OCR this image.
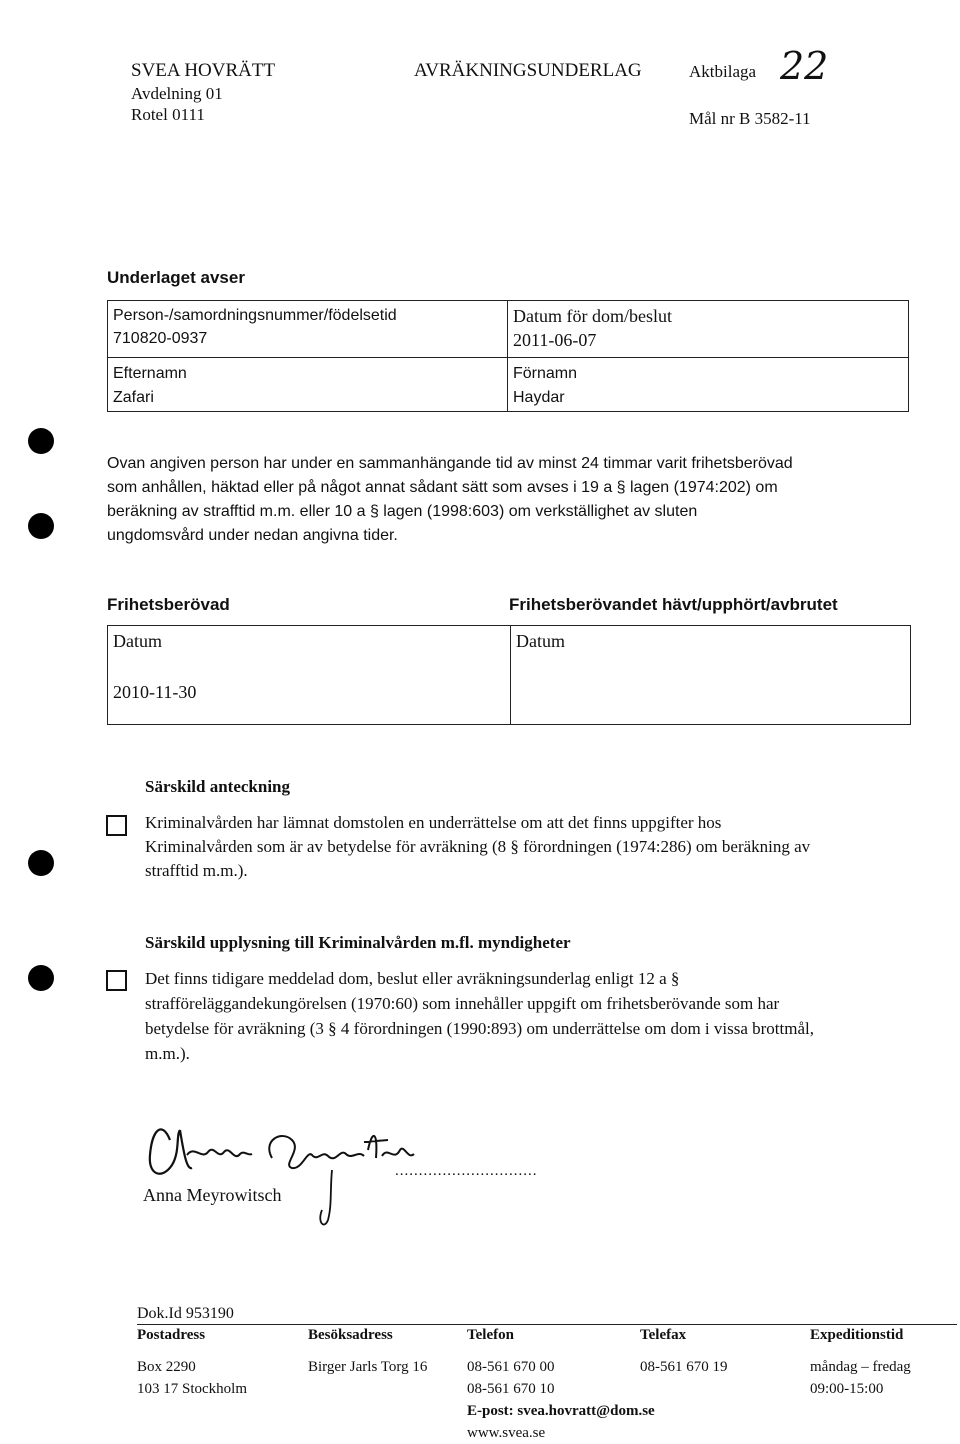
SVEA HOVRÄTT
Avdelning 01
Rotel 0111
AVRÄKNINGSUNDERLAG	Aktbilaga 22
Mål nr B 3582-11
Underlaget avser
Person-/samordningsnummer/födelsetid
710820-0937
Datum för dom/beslut
2011-06-07
Efternamn
Zafari
Förnamn
Haydar
Ovan angiven person har under en sammanhängande tid av minst 24 timmar varit frihetsberövad
som anhållen, häktad eller på något annat sådant sätt som avses i 19 a § lagen (1974:202) om
beräkning av strafftid m.m. eller 10 a § lagen (1998:603) om verkställighet av sluten
ungdomsvård under nedan angivna tider.
Frihetsberövad	Frihetsberövandet hävt/upphört/avbrutet
Datum
2010-11-30
Datum
Särskild anteckning
Kriminalvården har lämnat domstolen en underrättelse om att det finns uppgifter hos
Kriminalvården som är av betydelse för avräkning (8 § förordningen (1974:286) om beräkning av
strafftid m.m.).
Särskild upplysning till Kriminalvården m.fl. myndigheter
Det finns tidigare meddelad dom, beslut eller avräkningsunderlag enligt 12 a §
strafföreläggandekungörelsen (1970:60) som innehåller uppgift om frihetsberövande som har
betydelse för avräkning (3 § 4 förordningen (1990:893) om underrättelse om dom i vissa brottmål,
m.m.).
..............................
Anna Meyrowitsch
Dok.Id 953190
Postadress
Box 2290
103 17 Stockholm
Besöksadress
Birger Jarls Torg 16
Telefon
08-561 670 00
08-561 670 10
E-post: svea.hovratt@dom.se
www.svea.se
Telefax
08-561 670 19
Expeditionstid
måndag – fredag
09:00-15:00
